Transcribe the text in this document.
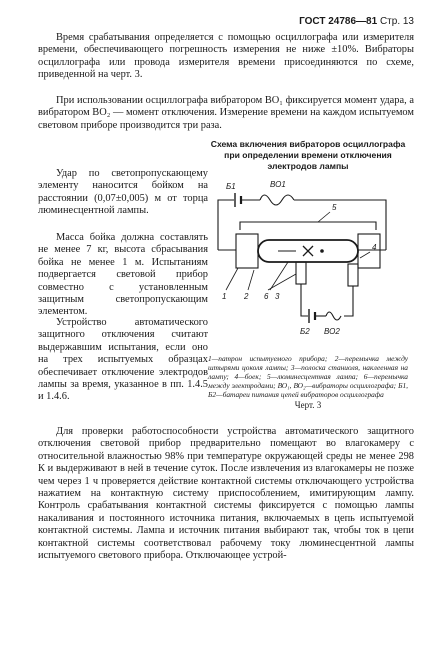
ГОСТ 24786—81 Стр. 13

Время срабатывания определяется с помощью осциллографа или измерителя времени, обеспечивающего погрешность измерения не ниже ±10%. Вибраторы осциллографа или провода измерителя времени присоединяются по схеме, приведенной на черт. 3.

При использовании осциллографа вибратором ВО₁ фиксируется момент удара, а вибратором ВО₂ — момент отключения. Измерение времени на каждом испытуемом световом приборе производится три раза.

Удар по светопропускающему элементу наносится бойком на расстоянии (0,07±0,005) м от торца люминесцентной лампы.

Масса бойка должна составлять не менее 7 кг, высота сбрасывания бойка не менее 1 м. Испытаниям подвергается световой прибор совместно с установленным защитным светопропускающим элементом.

Устройство автоматического защитного отключения считают выдержавшим испытания, если оно на трех испытуемых образцах обеспечивает отключение электродов лампы за время, указанное в пп. 1.4.5 и 1.4.6.

Для проверки работоспособности устройства автоматического защитного отключения световой прибор предварительно помещают во влагокамеру с относительной влажностью 98% при температуре окружающей среды не менее 298 К и выдерживают в ней в течение суток. После извлечения из влагокамеры не позже чем через 1 ч проверяется действие контактной системы отключающего устройства нажатием на контактную систему приспособлением, имитирующим лампу. Контроль срабатывания контактной системы фиксируется с помощью лампы накаливания и постоянного источника питания, включаемых в цепь испытуемой контактной системы. Лампа и источник питания выбирают так, чтобы ток в цепи контактной системы соответствовал рабочему току люминесцентной лампы испытуемого светового прибора. Отключающее устрой-

Схема включения вибраторов осциллографа при определении времени отключения электродов лампы
Б1	ВО1
1 2 6 3
5
4
Б2 ВО2
1—патрон испытуемого прибора; 2—перемычка между штырями цоколя лампы; 3—полоска станиоля, наклеенная на лампу; 4—боек; 5—люминесцентная лампа; 6—перемычка между электродами; ВО₁, ВО₂—вибраторы осциллографа; Б1, Б2—батареи питания цепей вибраторов осциллографа
Черт. 3
